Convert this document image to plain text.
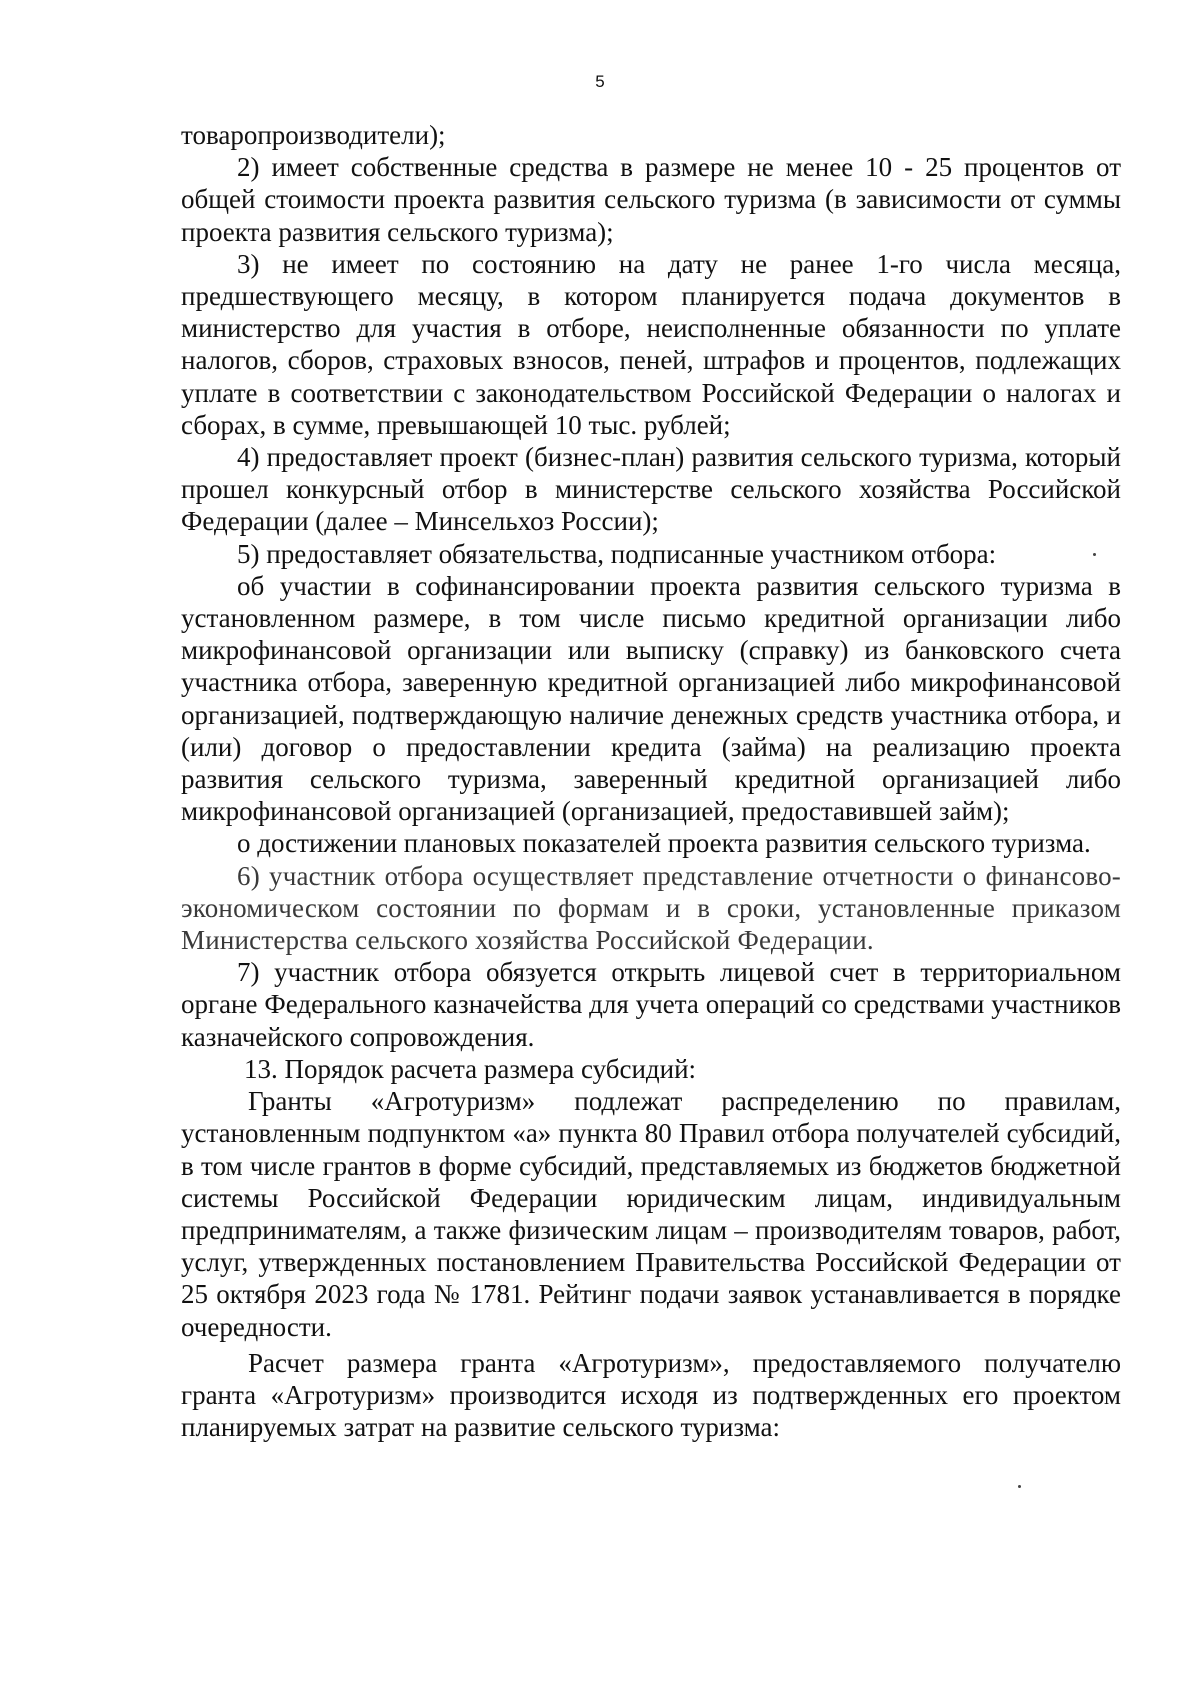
5

товаропроизводители);

2) имеет собственные средства в размере не менее 10 - 25 процентов от общей стоимости проекта развития сельского туризма (в зависимости от суммы проекта развития сельского туризма);

3) не имеет по состоянию на дату не ранее 1-го числа месяца, предшествующего месяцу, в котором планируется подача документов в министерство для участия в отборе, неисполненные обязанности по уплате налогов, сборов, страховых взносов, пеней, штрафов и процентов, подлежащих уплате в соответствии с законодательством Российской Федерации о налогах и сборах, в сумме, превышающей 10 тыс. рублей;

4) предоставляет проект (бизнес-план) развития сельского туризма, который прошел конкурсный отбор в министерстве сельского хозяйства Российской Федерации (далее – Минсельхоз России);

5) предоставляет обязательства, подписанные участником отбора:

об участии в софинансировании проекта развития сельского туризма в установленном размере, в том числе письмо кредитной организации либо микрофинансовой организации или выписку (справку) из банковского счета участника отбора, заверенную кредитной организацией либо микрофинансовой организацией, подтверждающую наличие денежных средств участника отбора, и (или) договор о предоставлении кредита (займа) на реализацию проекта развития сельского туризма, заверенный кредитной организацией либо микрофинансовой организацией (организацией, предоставившей займ);

о достижении плановых показателей проекта развития сельского туризма.

6) участник отбора осуществляет представление отчетности о финансово-экономическом состоянии по формам и в сроки, установленные приказом Министерства сельского хозяйства Российской Федерации.

7) участник отбора обязуется открыть лицевой счет в территориальном органе Федерального казначейства для учета операций со средствами участников казначейского сопровождения.

13. Порядок расчета размера субсидий:

Гранты «Агротуризм» подлежат распределению по правилам, установленным подпунктом «а» пункта 80 Правил отбора получателей субсидий, в том числе грантов в форме субсидий, представляемых из бюджетов бюджетной системы Российской Федерации юридическим лицам, индивидуальным предпринимателям, а также физическим лицам – производителям товаров, работ, услуг, утвержденных постановлением Правительства Российской Федерации от 25 октября 2023 года № 1781. Рейтинг подачи заявок устанавливается в порядке очередности.

Расчет размера гранта «Агротуризм», предоставляемого получателю гранта «Агротуризм» производится исходя из подтвержденных его проектом планируемых затрат на развитие сельского туризма:
